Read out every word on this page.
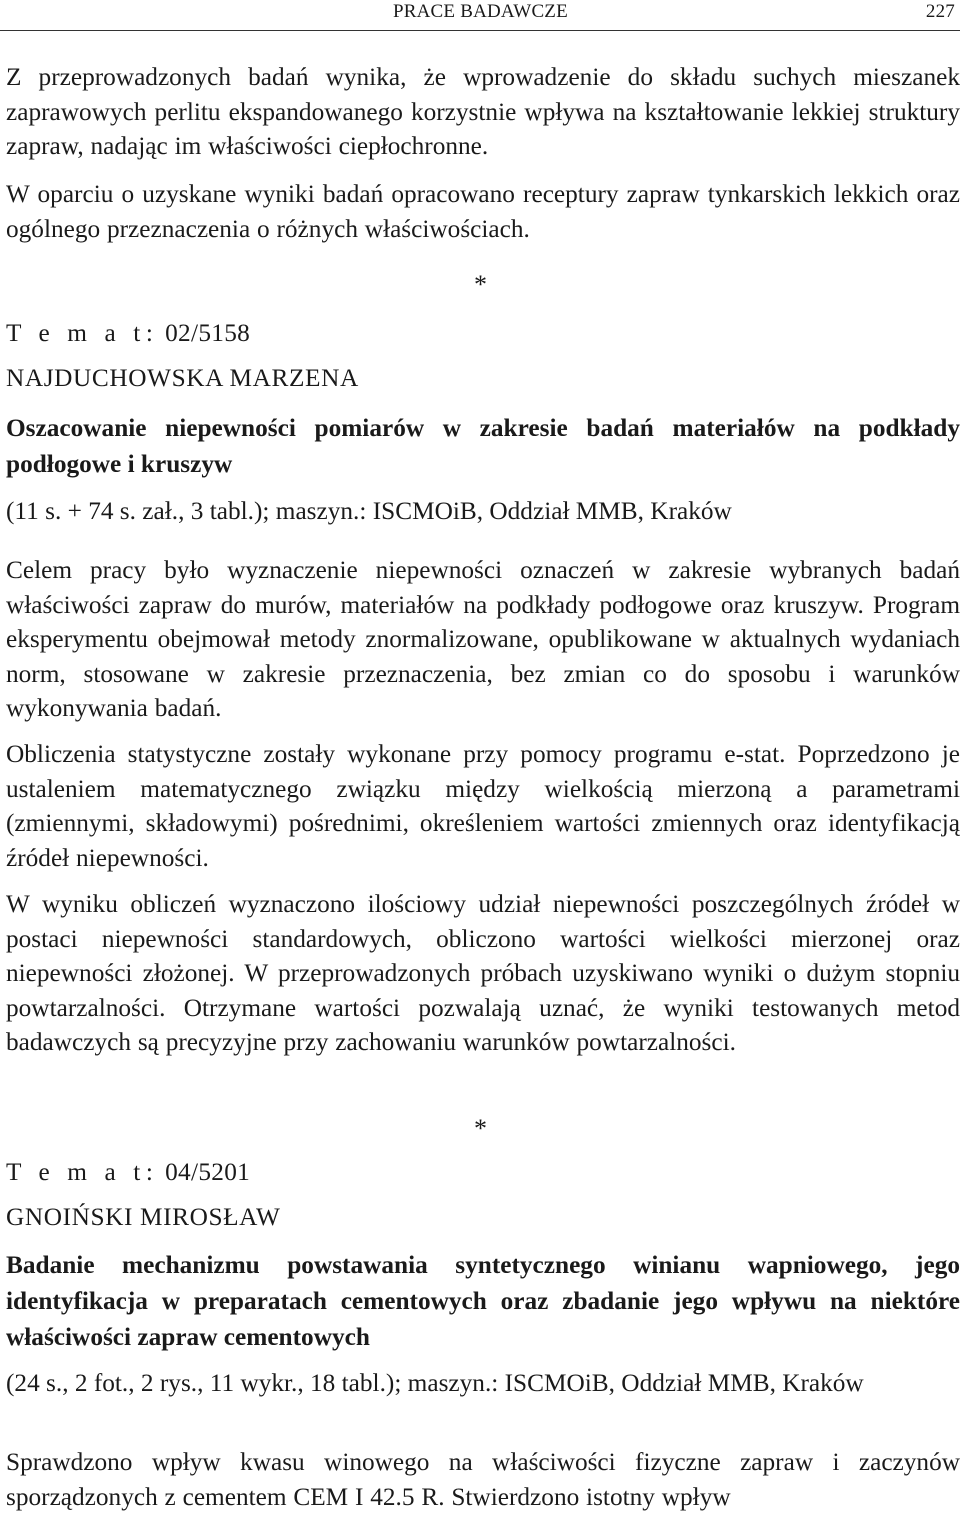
PRACE BADAWCZE	227
Z przeprowadzonych badań wynika, że wprowadzenie do składu suchych mieszanek zaprawowych perlitu ekspandowanego korzystnie wpływa na kształtowanie lekkiej struktury zapraw, nadając im właściwości ciepłochronne.
W oparciu o uzyskane wyniki badań opracowano receptury zapraw tynkarskich lekkich oraz ogólnego przeznaczenia o różnych właściwościach.
*
T e m a t: 02/5158
NAJDUCHOWSKA MARZENA
Oszacowanie niepewności pomiarów w zakresie badań materiałów na podkłady podłogowe i kruszyw
(11 s. + 74 s. zał., 3 tabl.); maszyn.: ISCMOiB, Oddział MMB, Kraków
Celem pracy było wyznaczenie niepewności oznaczeń w zakresie wybranych badań właściwości zapraw do murów, materiałów na podkłady podłogowe oraz kruszyw. Program eksperymentu obejmował metody znormalizowane, opublikowane w aktualnych wydaniach norm, stosowane w zakresie przeznaczenia, bez zmian co do sposobu i warunków wykonywania badań.
Obliczenia statystyczne zostały wykonane przy pomocy programu e-stat. Poprzedzono je ustaleniem matematycznego związku między wielkością mierzoną a parametrami (zmiennymi, składowymi) pośrednimi, określeniem wartości zmiennych oraz identyfikacją źródeł niepewności.
W wyniku obliczeń wyznaczono ilościowy udział niepewności poszczególnych źródeł w postaci niepewności standardowych, obliczono wartości wielkości mierzonej oraz niepewności złożonej. W przeprowadzonych próbach uzyskiwano wyniki o dużym stopniu powtarzalności. Otrzymane wartości pozwalają uznać, że wyniki testowanych metod badawczych są precyzyjne przy zachowaniu warunków powtarzalności.
*
T e m a t: 04/5201
GNOIŃSKI MIROSŁAW
Badanie mechanizmu powstawania syntetycznego winianu wapniowego, jego identyfikacja w preparatach cementowych oraz zbadanie jego wpływu na niektóre właściwości zapraw cementowych
(24 s., 2 fot., 2 rys., 11 wykr., 18 tabl.); maszyn.: ISCMOiB, Oddział MMB, Kraków
Sprawdzono wpływ kwasu winowego na właściwości fizyczne zapraw i zaczynów sporządzonych z cementem CEM I 42.5 R. Stwierdzono istotny wpływ
